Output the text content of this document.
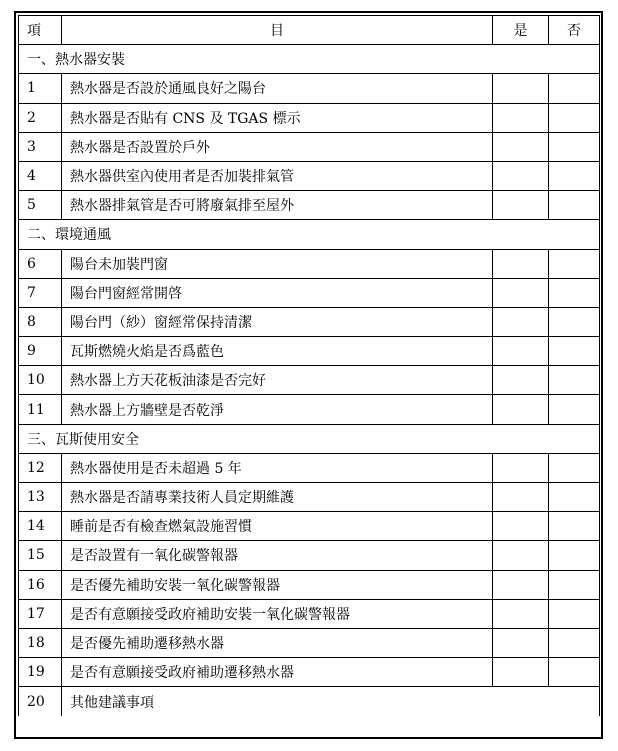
項	目	是	否
一、熱水器安裝			
1	熱水器是否設於通風良好之陽台		
2	熱水器是否貼有 CNS 及 TGAS 標示		
3	熱水器是否設置於戶外		
4	熱水器供室內使用者是否加裝排氣管		
5	熱水器排氣管是否可將廢氣排至屋外		
二、環境通風			
6	陽台未加裝門窗		
7	陽台門窗經常開啓		
8	陽台門（紗）窗經常保持清潔		
9	瓦斯燃燒火焰是否爲藍色		
10	熱水器上方天花板油漆是否完好		
11	熱水器上方牆壁是否乾淨		
三、瓦斯使用安全			
12	熱水器使用是否未超過 5 年		
13	熱水器是否請專業技術人員定期維護		
14	睡前是否有檢查燃氣設施習慣		
15	是否設置有一氧化碳警報器		
16	是否優先補助安裝一氧化碳警報器		
17	是否有意願接受政府補助安裝一氧化碳警報器		
18	是否優先補助遷移熱水器		
19	是否有意願接受政府補助遷移熱水器		
20	其他建議事項		
